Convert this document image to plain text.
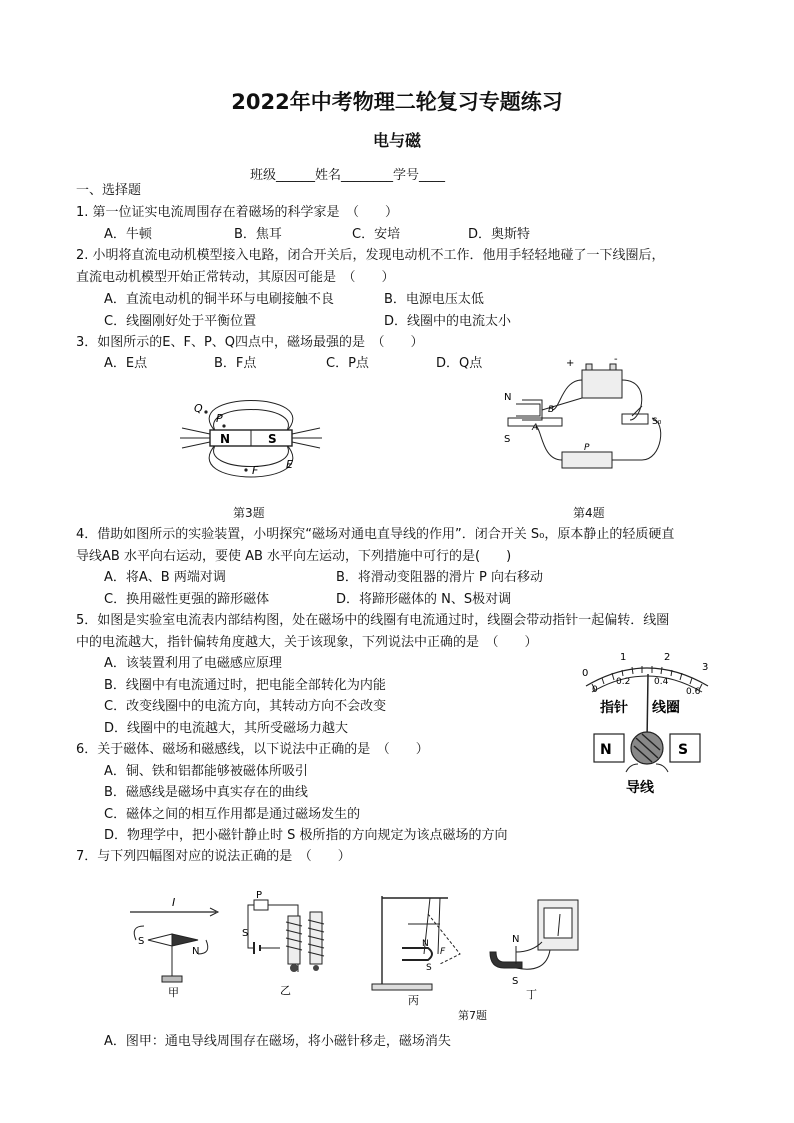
2022年中考物理二轮复习专题练习
电与磁
班级______姓名________学号____
一、选择题
1. 第一位证实电流周围存在着磁场的科学家是　（　　）
A．牛顿	B．焦耳	C．安培	D．奥斯特
2. 小明将直流电动机模型接入电路，闭合开关后，发现电动机不工作．他用手轻轻地碰了一下线圈后，
直流电动机模型开始正常转动，其原因可能是　（　　）
A．直流电动机的铜半环与电刷接触不良	B．电源电压太低
C．线圈刚好处于平衡位置	D．线圈中的电流太小
3．如图所示的E、F、P、Q四点中，磁场最强的是　（　　）
A．E点	B．F点	C．P点	D．Q点
N	S
Q
P
F	E
第3题
+	-
N
S
B
A
P
S₀
第4题
4．借助如图所示的实验装置，小明探究“磁场对通电直导线的作用”．闭合开关 S₀，原本静止的轻质硬直
导线AB 水平向右运动，要使 AB 水平向左运动，下列措施中可行的是(　　)
A．将A、B 两端对调	B．将滑动变阻器的滑片 P 向右移动
C．换用磁性更强的蹄形磁体	D．将蹄形磁体的 N、S极对调
5．如图是实验室电流表内部结构图，处在磁场中的线圈有电流通过时，线圈会带动指针一起偏转．线圈
中的电流越大，指针偏转角度越大，关于该现象，下列说法中正确的是　（　　）
A．该装置利用了电磁感应原理
B．线圈中有电流通过时，把电能全部转化为内能
C．改变线圈中的电流方向，其转动方向不会改变
D．线圈中的电流越大，其所受磁场力越大
0
1	2
3
0
0.2	0.4
0.6
指针 线圈
N	S
导线
6．关于磁体、磁场和磁感线，以下说法中正确的是　（　　）
A．铜、铁和铝都能够被磁体所吸引
B．磁感线是磁场中真实存在的曲线
C．磁体之间的相互作用都是通过磁场发生的
D．物理学中，把小磁针静止时 S 极所指的方向规定为该点磁场的方向
7．与下列四幅图对应的说法正确的是　（　　）
I
S
N
甲
P
S
乙
N
S
F
丙
N
S
丁
第7题
A．图甲：通电导线周围存在磁场，将小磁针移走，磁场消失
